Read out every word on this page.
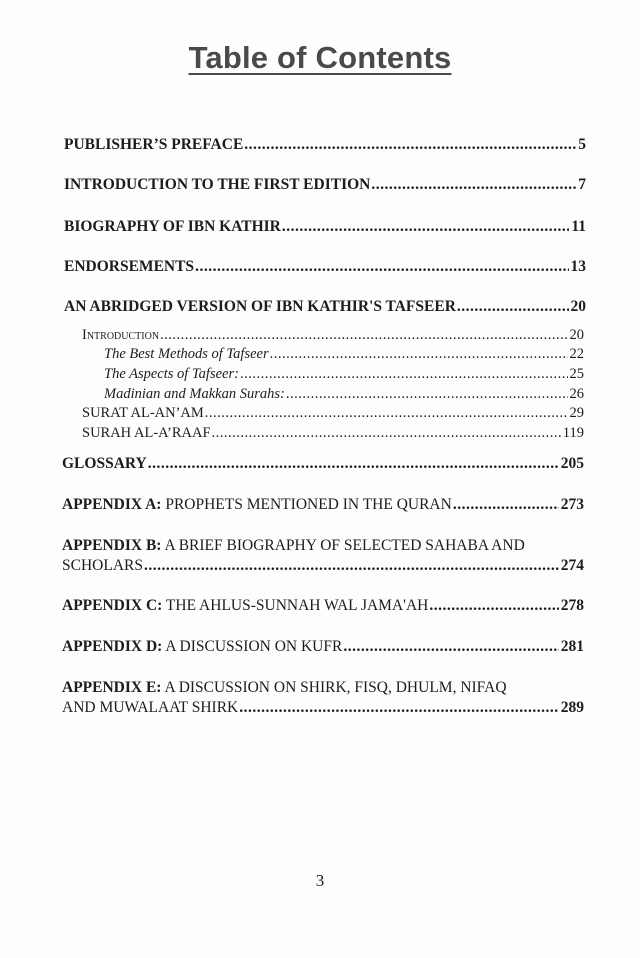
Table of Contents
PUBLISHER’S PREFACE .....	5
INTRODUCTION TO THE FIRST EDITION .....	7
BIOGRAPHY OF IBN KATHIR .....	11
ENDORSEMENTS .....	13
AN ABRIDGED VERSION OF IBN KATHIR'S TAFSEER .....	20
Introduction .....	20
The Best Methods of Tafseer .....	22
The Aspects of Tafseer: .....	25
Madinian and Makkan Surahs: .....	26
SURAT AL-AN’AM .....	29
SURAH AL-A’RAAF .....	119
GLOSSARY .....	205
APPENDIX A: PROPHETS MENTIONED IN THE QURAN .....	273
APPENDIX B: A BRIEF BIOGRAPHY OF SELECTED SAHABA AND
SCHOLARS .....	274
APPENDIX C: THE AHLUS-SUNNAH WAL JAMA'AH .....	278
APPENDIX D: A DISCUSSION ON KUFR .....	281
APPENDIX E: A DISCUSSION ON SHIRK, FISQ, DHULM, NIFAQ
AND MUWALAAT SHIRK .....	289
3
